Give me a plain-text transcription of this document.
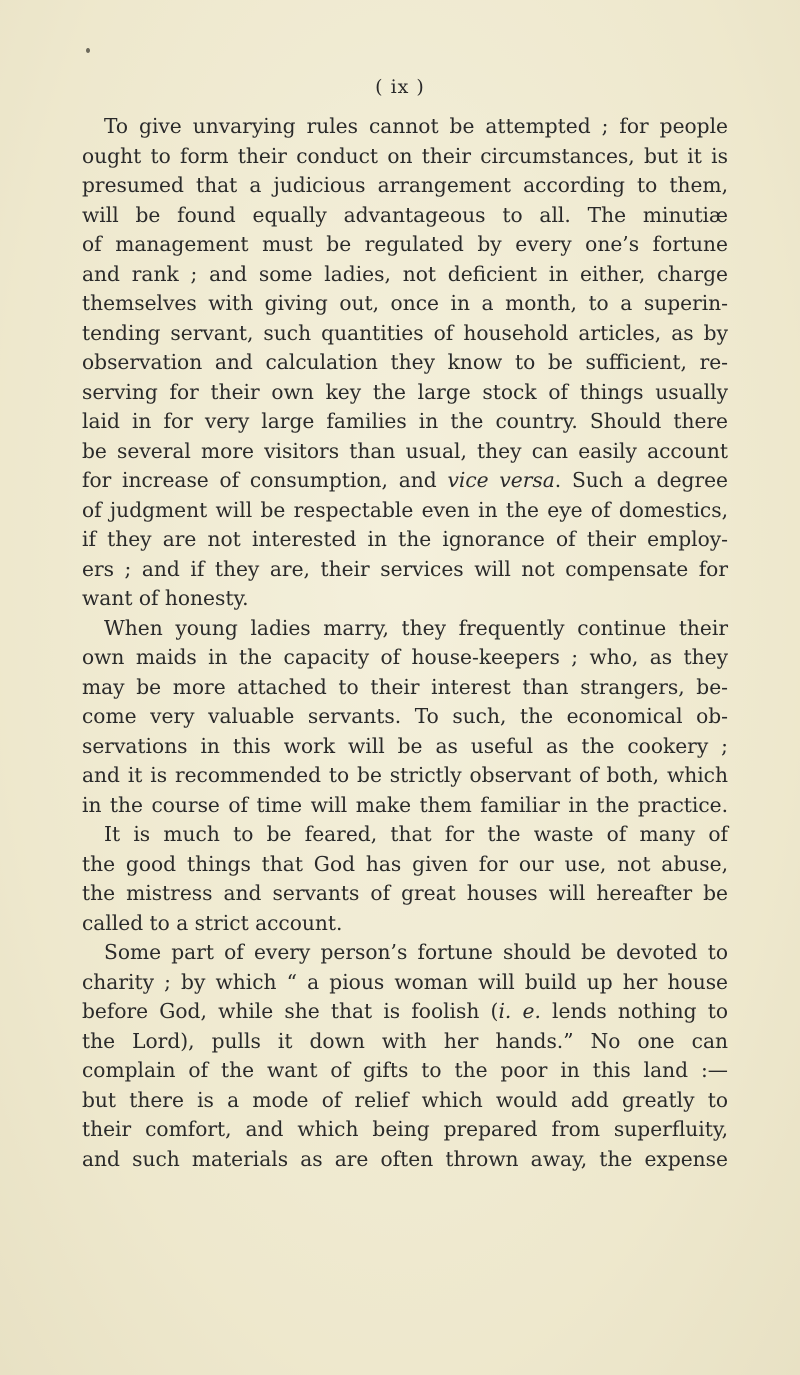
( ix )
To give unvarying rules cannot be attempted ; for people
ought to form their conduct on their circumstances, but it is
presumed that a judicious arrangement according to them,
will be found equally advantageous to all. The minutiæ
of management must be regulated by every one’s fortune
and rank ; and some ladies, not deficient in either, charge
themselves with giving out, once in a month, to a superin-
tending servant, such quantities of household articles, as by
observation and calculation they know to be sufficient, re-
serving for their own key the large stock of things usually
laid in for very large families in the country. Should there
be several more visitors than usual, they can easily account
for increase of consumption, and vice versa. Such a degree
of judgment will be respectable even in the eye of domestics,
if they are not interested in the ignorance of their employ-
ers ; and if they are, their services will not compensate for
want of honesty.
When young ladies marry, they frequently continue their
own maids in the capacity of house-keepers ; who, as they
may be more attached to their interest than strangers, be-
come very valuable servants. To such, the economical ob-
servations in this work will be as useful as the cookery ;
and it is recommended to be strictly observant of both, which
in the course of time will make them familiar in the practice.
It is much to be feared, that for the waste of many of
the good things that God has given for our use, not abuse,
the mistress and servants of great houses will hereafter be
called to a strict account.
Some part of every person’s fortune should be devoted to
charity ; by which “ a pious woman will build up her house
before God, while she that is foolish (i. e. lends nothing to
the Lord), pulls it down with her hands.” No one can
complain of the want of gifts to the poor in this land :—
but there is a mode of relief which would add greatly to
their comfort, and which being prepared from superfluity,
and such materials as are often thrown away, the expense
